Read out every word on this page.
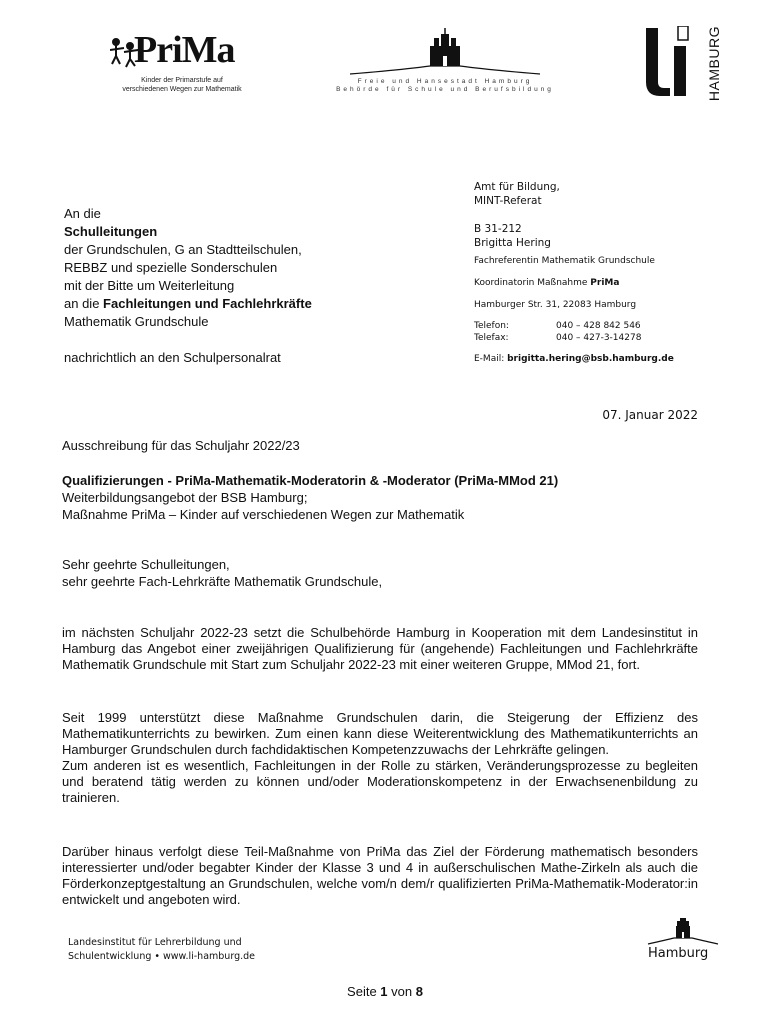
PriMa
Kinder der Primarstufe auf
verschiedenen Wegen zur Mathematik
Freie und Hansestadt Hamburg
Behörde für Schule und Berufsbildung	HAMBURG
Amt für Bildung,
MINT-Referat
B 31-212
Brigitta Hering
Fachreferentin Mathematik Grundschule
Koordinatorin Maßnahme PriMa
Hamburger Str. 31, 22083 Hamburg
Telefon:	040 – 428 842 546
Telefax:	040 – 427-3-14278
E-Mail: brigitta.hering@bsb.hamburg.de
An die
Schulleitungen
der Grundschulen, G an Stadtteilschulen,
REBBZ und spezielle Sonderschulen
mit der Bitte um Weiterleitung
an die Fachleitungen und Fachlehrkräfte
Mathematik Grundschule
nachrichtlich an den Schulpersonalrat
07. Januar 2022
Ausschreibung für das Schuljahr 2022/23
Qualifizierungen - PriMa-Mathematik-Moderatorin & -Moderator (PriMa-MMod 21)
Weiterbildungsangebot der BSB Hamburg;
Maßnahme PriMa – Kinder auf verschiedenen Wegen zur Mathematik
Sehr geehrte Schulleitungen,
sehr geehrte Fach-Lehrkräfte Mathematik Grundschule,
im nächsten Schuljahr 2022-23 setzt die Schulbehörde Hamburg in Kooperation mit dem Landesinstitut in Hamburg das Angebot einer zweijährigen Qualifizierung für (angehende) Fachleitungen und Fachlehrkräfte Mathematik Grundschule mit Start zum Schuljahr 2022-23 mit einer weiteren Gruppe, MMod 21, fort.
Seit 1999 unterstützt diese Maßnahme Grundschulen darin, die Steigerung der Effizienz des Mathematikunterrichts zu bewirken. Zum einen kann diese Weiterentwicklung des Mathematikunterrichts an Hamburger Grundschulen durch fachdidaktischen Kompetenzzuwachs der Lehrkräfte gelingen.
Zum anderen ist es wesentlich, Fachleitungen in der Rolle zu stärken, Veränderungsprozesse zu begleiten und beratend tätig werden zu können und/oder Moderationskompetenz in der Erwachsenenbildung zu trainieren.
Darüber hinaus verfolgt diese Teil-Maßnahme von PriMa das Ziel der Förderung mathematisch besonders interessierter und/oder begabter Kinder der Klasse 3 und 4 in außerschulischen Mathe-Zirkeln als auch die Förderkonzeptgestaltung an Grundschulen, welche vom/n dem/r qualifizierten PriMa-Mathematik-Moderator:in entwickelt und angeboten wird.
Landesinstitut für Lehrerbildung und
Schulentwicklung • www.li-hamburg.de	Hamburg
Seite 1 von 8
